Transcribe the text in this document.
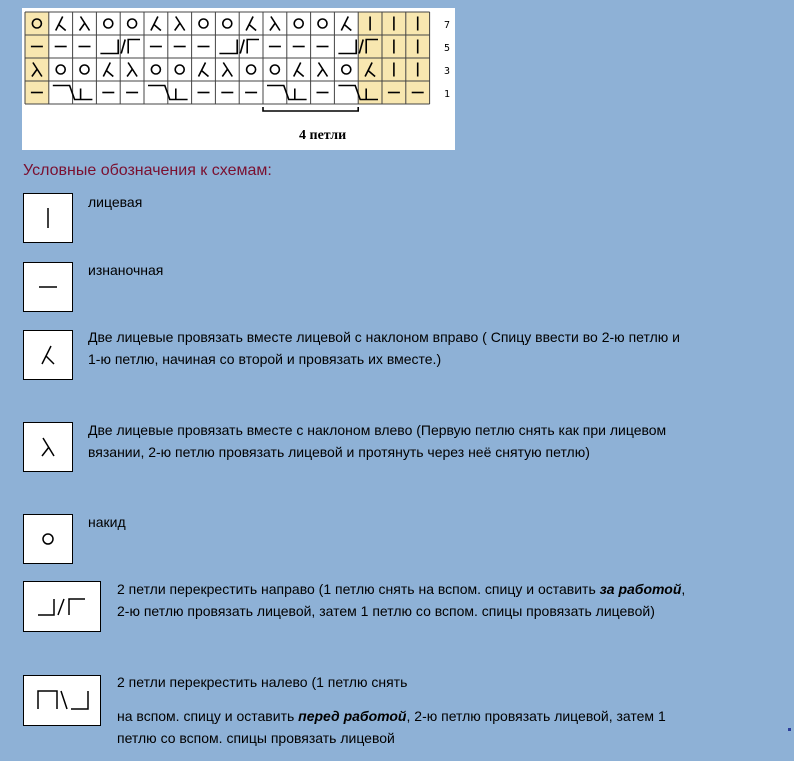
7
5
3
1
4 петли
Условные обозначения к схемам:
лицевая
изнаночная
Две лицевые провязать вместе лицевой с наклоном вправо ( Спицу ввести во 2-ю петлю и
1-ю петлю, начиная со второй и провязать их вместе.)
Две лицевые провязать вместе с наклоном влево (Первую петлю снять как при лицевом
вязании, 2-ю петлю провязать лицевой и протянуть через неё снятую петлю)
накид
2 петли перекрестить направо (1 петлю снять на вспом. спицу и оставить за работой,
2-ю петлю провязать лицевой, затем 1 петлю со вспом. спицы провязать лицевой)
2 петли перекрестить налево (1 петлю снять
на вспом. спицу и оставить перед работой, 2-ю петлю провязать лицевой, затем 1
петлю со вспом. спицы провязать лицевой
